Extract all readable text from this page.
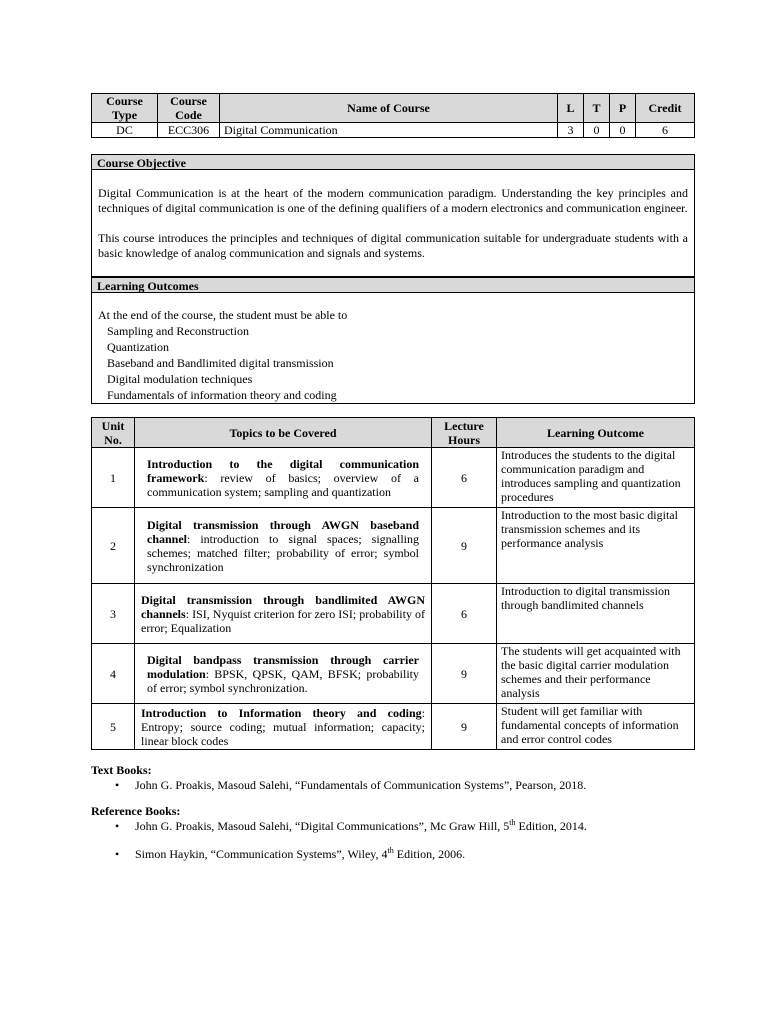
Course Type	Course Code	Name of Course	L	T	P	Credit
DC	ECC306	Digital Communication	3	0	0	6
Course Objective

Digital Communication is at the heart of the modern communication paradigm. Understanding the key principles and techniques of digital communication is one of the defining qualifiers of a modern electronics and communication engineer.

This course introduces the principles and techniques of digital communication suitable for undergraduate students with a basic knowledge of analog communication and signals and systems.

Learning Outcomes
At the end of the course, the student must be able to
Sampling and Reconstruction
Quantization
Baseband and Bandlimited digital transmission
Digital modulation techniques
Fundamentals of information theory and coding
Unit No.	Topics to be Covered	Lecture Hours	Learning Outcome
1	Introduction to the digital communication framework: review of basics; overview of a communication system; sampling and quantization	6	Introduces the students to the digital communication paradigm and introduces sampling and quantization procedures
2	Digital transmission through AWGN baseband channel: introduction to signal spaces; signalling schemes; matched filter; probability of error; symbol synchronization	9	Introduction to the most basic digital transmission schemes and its performance analysis
3	Digital transmission through bandlimited AWGN channels: ISI, Nyquist criterion for zero ISI; probability of error; Equalization	6	Introduction to digital transmission through bandlimited channels
4	Digital bandpass transmission through carrier modulation: BPSK, QPSK, QAM, BFSK; probability of error; symbol synchronization.	9	The students will get acquainted with the basic digital carrier modulation schemes and their performance analysis
5	Introduction to Information theory and coding: Entropy; source coding; mutual information; capacity; linear block codes	9	Student will get familiar with fundamental concepts of information and error control codes
Text Books:
• John G. Proakis, Masoud Salehi, “Fundamentals of Communication Systems”, Pearson, 2018.
Reference Books:
• John G. Proakis, Masoud Salehi, “Digital Communications”, Mc Graw Hill, 5th Edition, 2014.
• Simon Haykin, “Communication Systems”, Wiley, 4th Edition, 2006.
